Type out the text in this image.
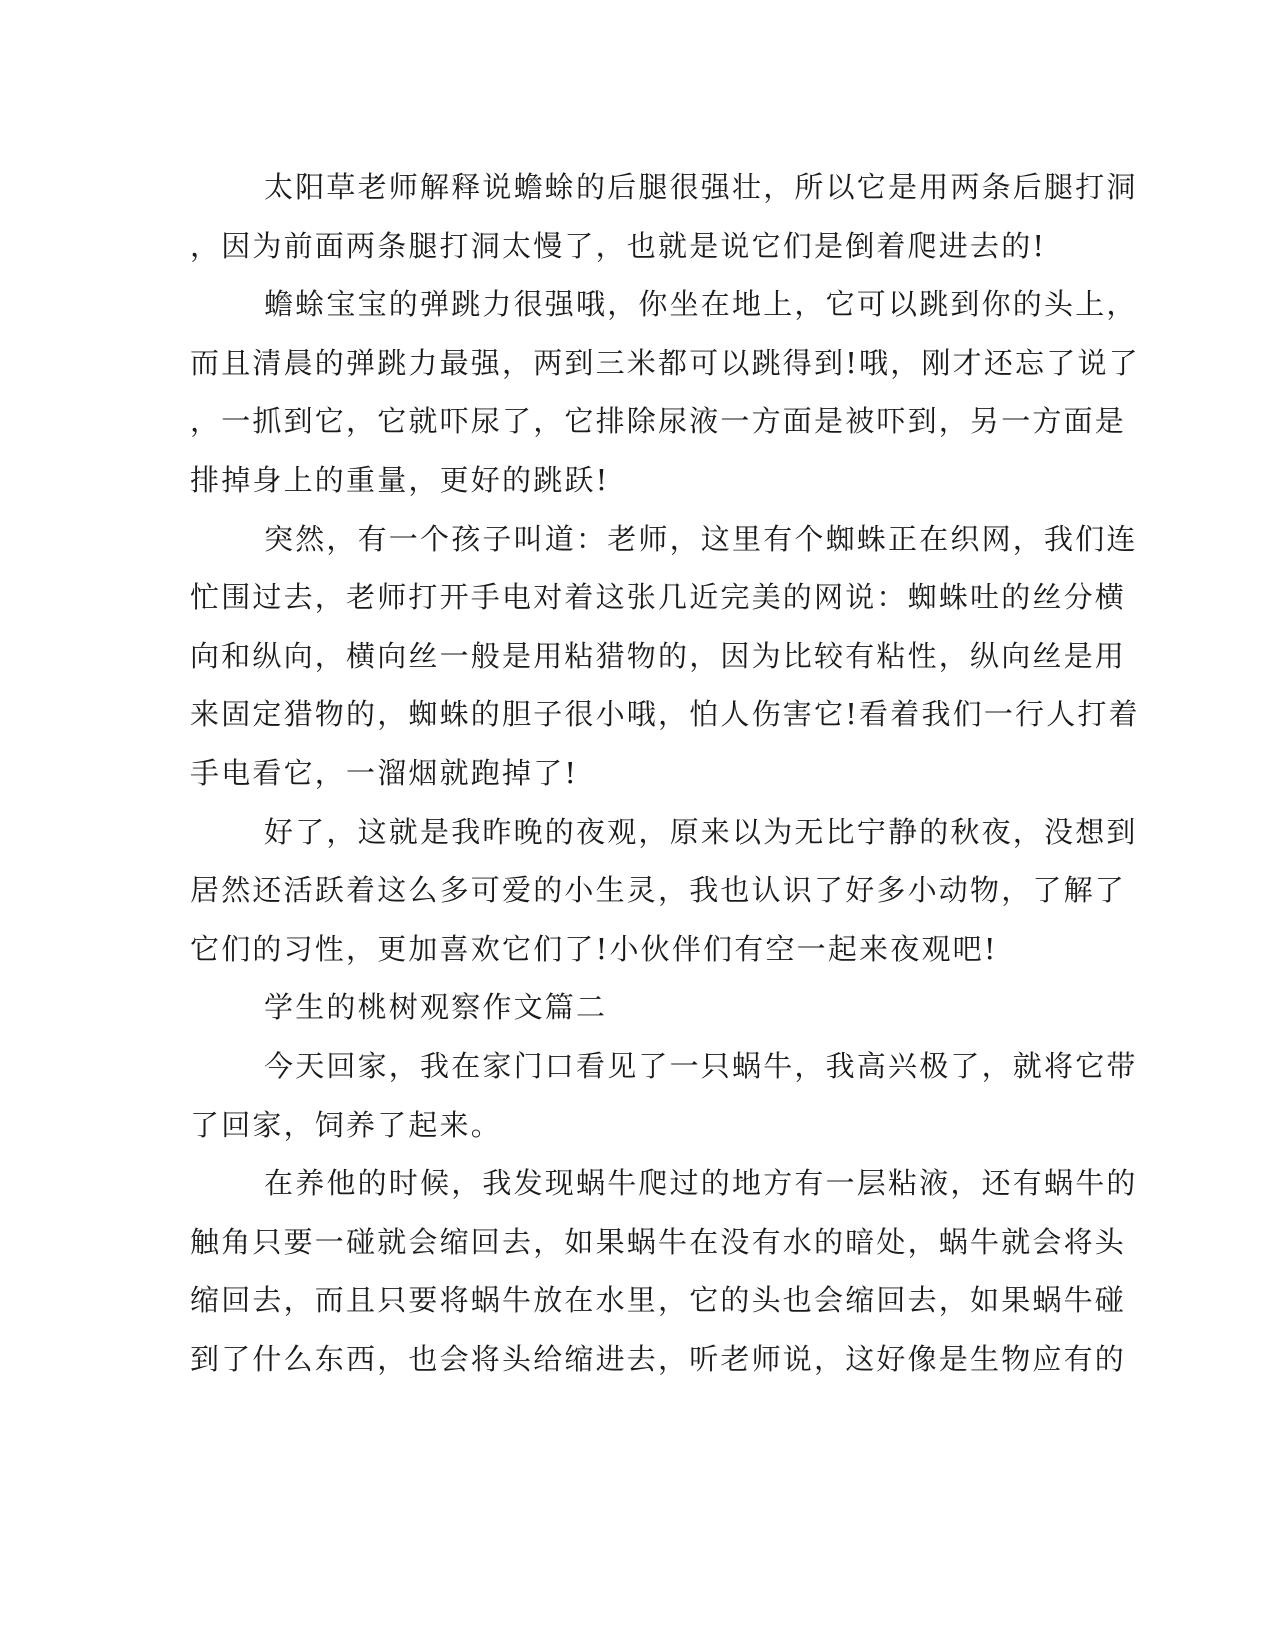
太阳草老师解释说蟾蜍的后腿很强壮，所以它是用两条后腿打洞
，因为前面两条腿打洞太慢了，也就是说它们是倒着爬进去的!
蟾蜍宝宝的弹跳力很强哦，你坐在地上，它可以跳到你的头上，
而且清晨的弹跳力最强，两到三米都可以跳得到!哦，刚才还忘了说了
，一抓到它，它就吓尿了，它排除尿液一方面是被吓到，另一方面是
排掉身上的重量，更好的跳跃!
突然，有一个孩子叫道：老师，这里有个蜘蛛正在织网，我们连
忙围过去，老师打开手电对着这张几近完美的网说：蜘蛛吐的丝分横
向和纵向，横向丝一般是用粘猎物的，因为比较有粘性，纵向丝是用
来固定猎物的，蜘蛛的胆子很小哦，怕人伤害它!看着我们一行人打着
手电看它，一溜烟就跑掉了!
好了，这就是我昨晚的夜观，原来以为无比宁静的秋夜，没想到
居然还活跃着这么多可爱的小生灵，我也认识了好多小动物，了解了
它们的习性，更加喜欢它们了!小伙伴们有空一起来夜观吧!
学生的桃树观察作文篇二
今天回家，我在家门口看见了一只蜗牛，我高兴极了，就将它带
了回家，饲养了起来。
在养他的时候，我发现蜗牛爬过的地方有一层粘液，还有蜗牛的
触角只要一碰就会缩回去，如果蜗牛在没有水的暗处，蜗牛就会将头
缩回去，而且只要将蜗牛放在水里，它的头也会缩回去，如果蜗牛碰
到了什么东西，也会将头给缩进去，听老师说，这好像是生物应有的
